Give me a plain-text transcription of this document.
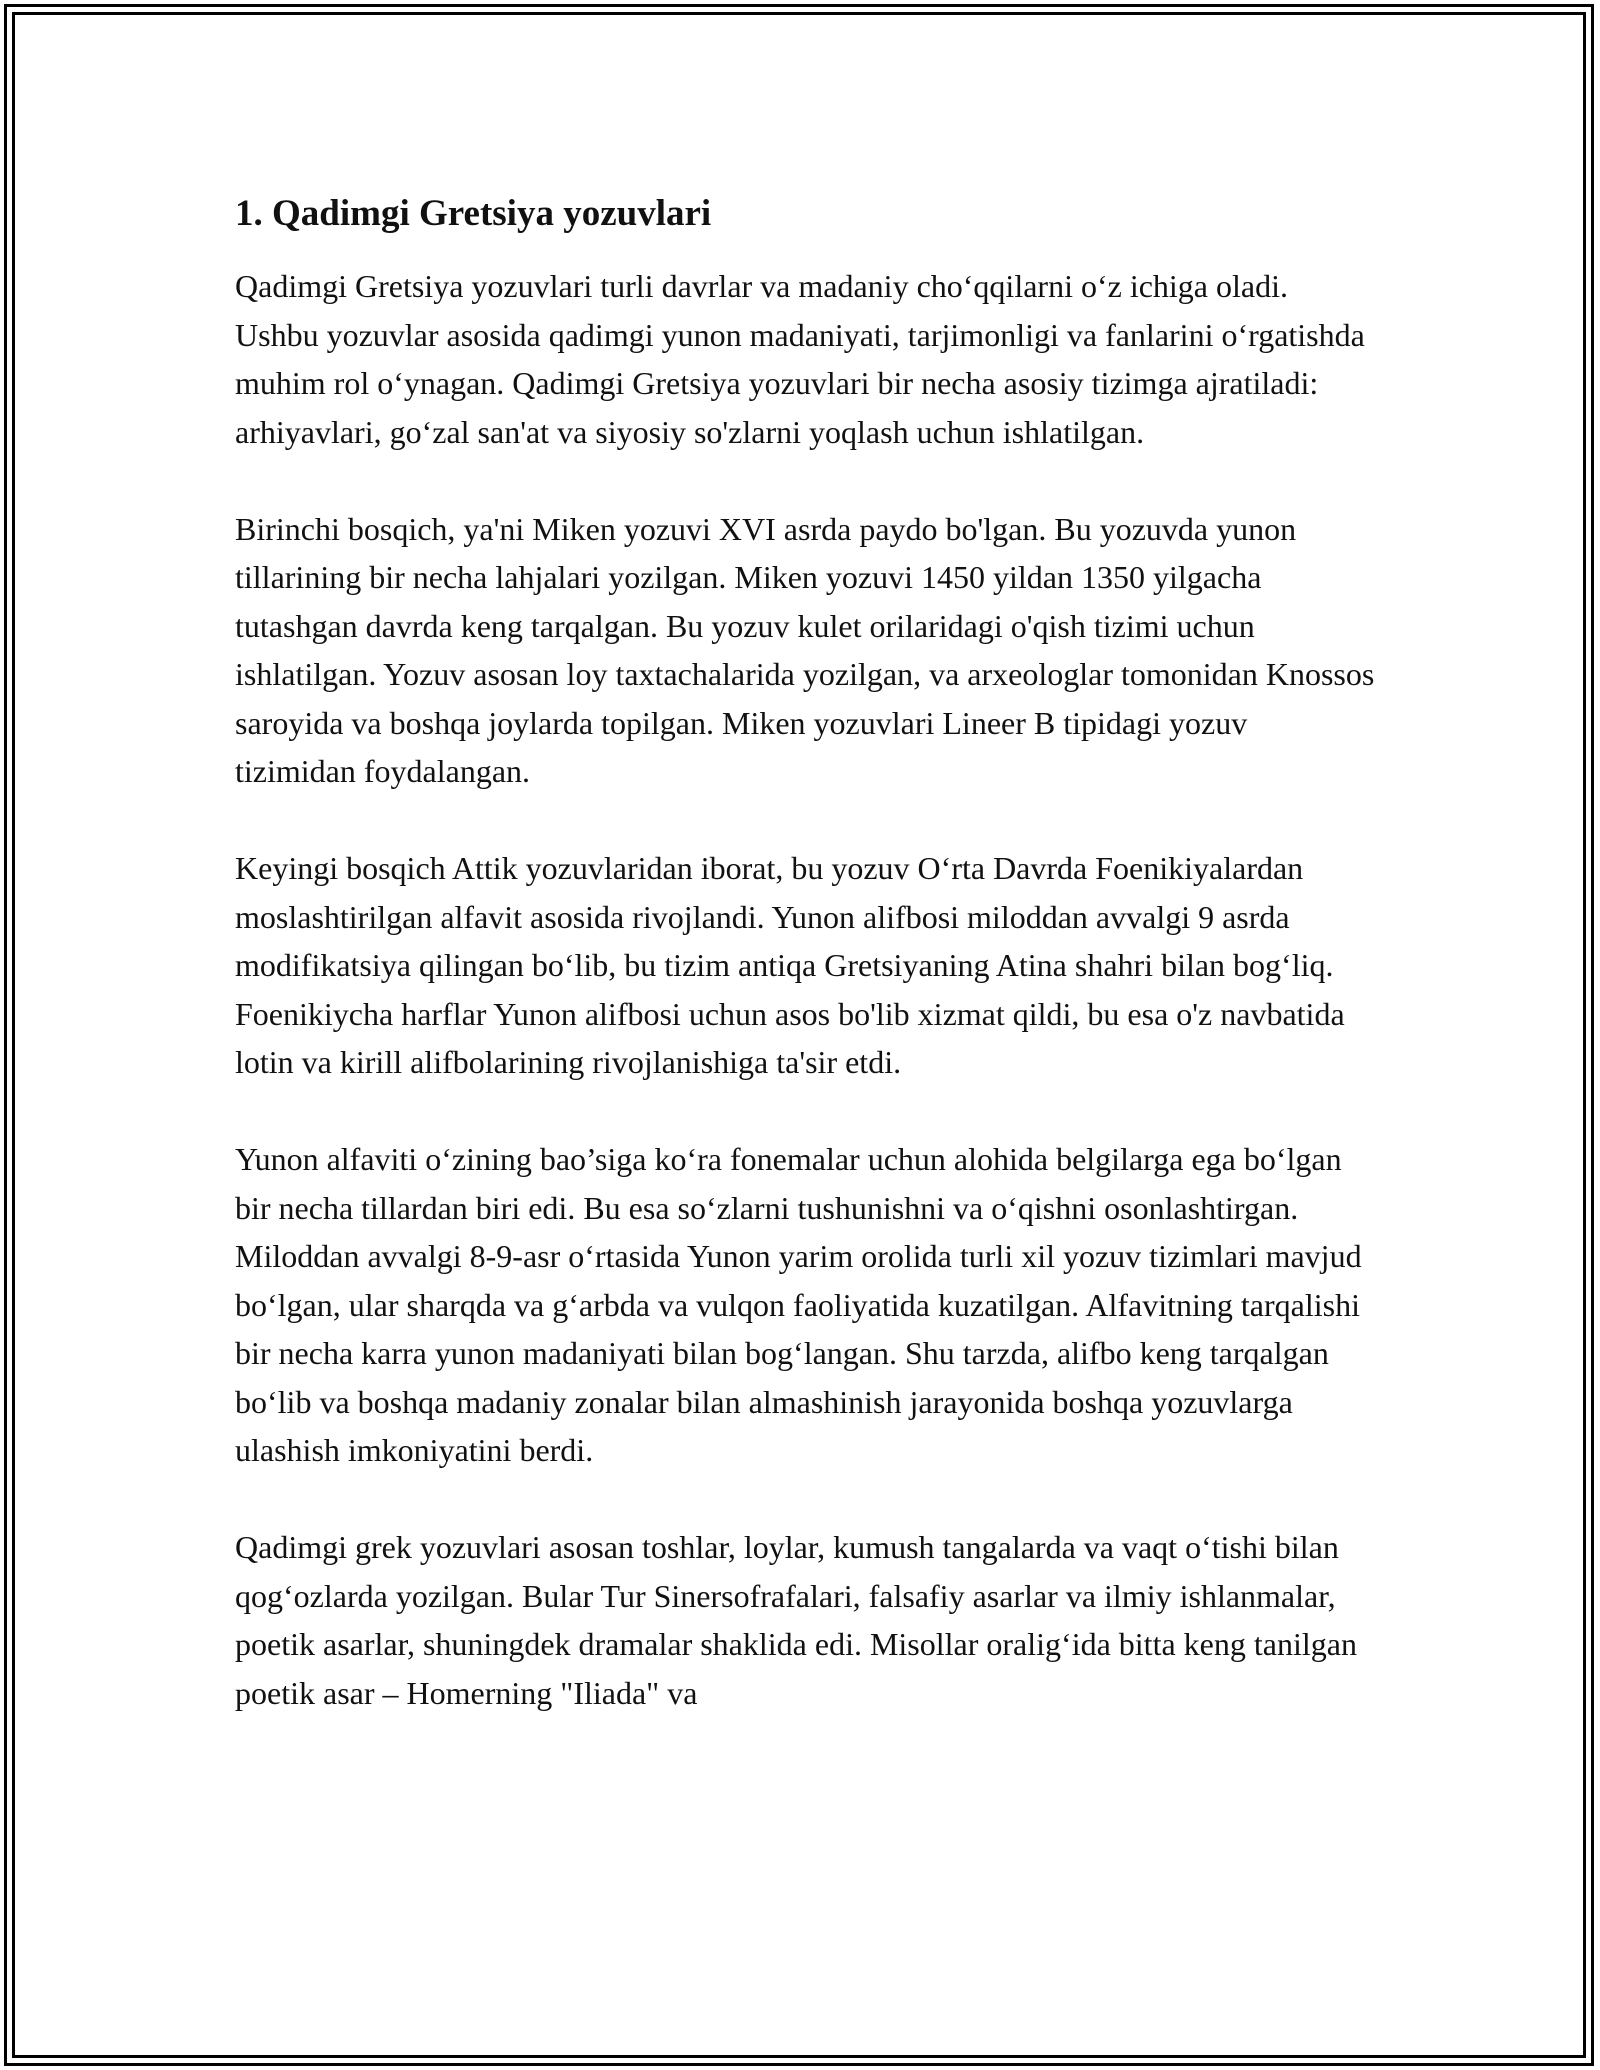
1. Qadimgi Gretsiya yozuvlari

Qadimgi Gretsiya yozuvlari turli davrlar va madaniy cho‘qqilarni o‘z ichiga oladi. Ushbu yozuvlar asosida qadimgi yunon madaniyati, tarjimonligi va fanlarini o‘rgatishda muhim rol o‘ynagan. Qadimgi Gretsiya yozuvlari bir necha asosiy tizimga ajratiladi: arhiyavlari, go‘zal san'at va siyosiy so'zlarni yoqlash uchun ishlatilgan.

Birinchi bosqich, ya'ni Miken yozuvi XVI asrda paydo bo'lgan. Bu yozuvda yunon tillarining bir necha lahjalari yozilgan. Miken yozuvi 1450 yildan 1350 yilgacha tutashgan davrda keng tarqalgan. Bu yozuv kulet orilaridagi o'qish tizimi uchun ishlatilgan. Yozuv asosan loy taxtachalarida yozilgan, va arxeologlar tomonidan Knossos saroyida va boshqa joylarda topilgan. Miken yozuvlari Lineer B tipidagi yozuv tizimidan foydalangan.

Keyingi bosqich Attik yozuvlaridan iborat, bu yozuv O‘rta Davrda Foenikiyalardan moslashtirilgan alfavit asosida rivojlandi. Yunon alifbosi miloddan avvalgi 9 asrda modifikatsiya qilingan bo‘lib, bu tizim antiqa Gretsiyaning Atina shahri bilan bog‘liq. Foenikiycha harflar Yunon alifbosi uchun asos bo'lib xizmat qildi, bu esa o'z navbatida lotin va kirill alifbolarining rivojlanishiga ta'sir etdi.

Yunon alfaviti o‘zining bao’siga ko‘ra fonemalar uchun alohida belgilarga ega bo‘lgan bir necha tillardan biri edi. Bu esa so‘zlarni tushunishni va o‘qishni osonlashtirgan. Miloddan avvalgi 8-9-asr o‘rtasida Yunon yarim orolida turli xil yozuv tizimlari mavjud bo‘lgan, ular sharqda va g‘arbda va vulqon faoliyatida kuzatilgan. Alfavitning tarqalishi bir necha karra yunon madaniyati bilan bog‘langan. Shu tarzda, alifbo keng tarqalgan bo‘lib va boshqa madaniy zonalar bilan almashinish jarayonida boshqa yozuvlarga ulashish imkoniyatini berdi.

Qadimgi grek yozuvlari asosan toshlar, loylar, kumush tangalarda va vaqt o‘tishi bilan qog‘ozlarda yozilgan. Bular Tur Sinersofrafalari, falsafiy asarlar va ilmiy ishlanmalar, poetik asarlar, shuningdek dramalar shaklida edi. Misollar oralig‘ida bitta keng tanilgan poetik asar – Homerning "Iliada" va
